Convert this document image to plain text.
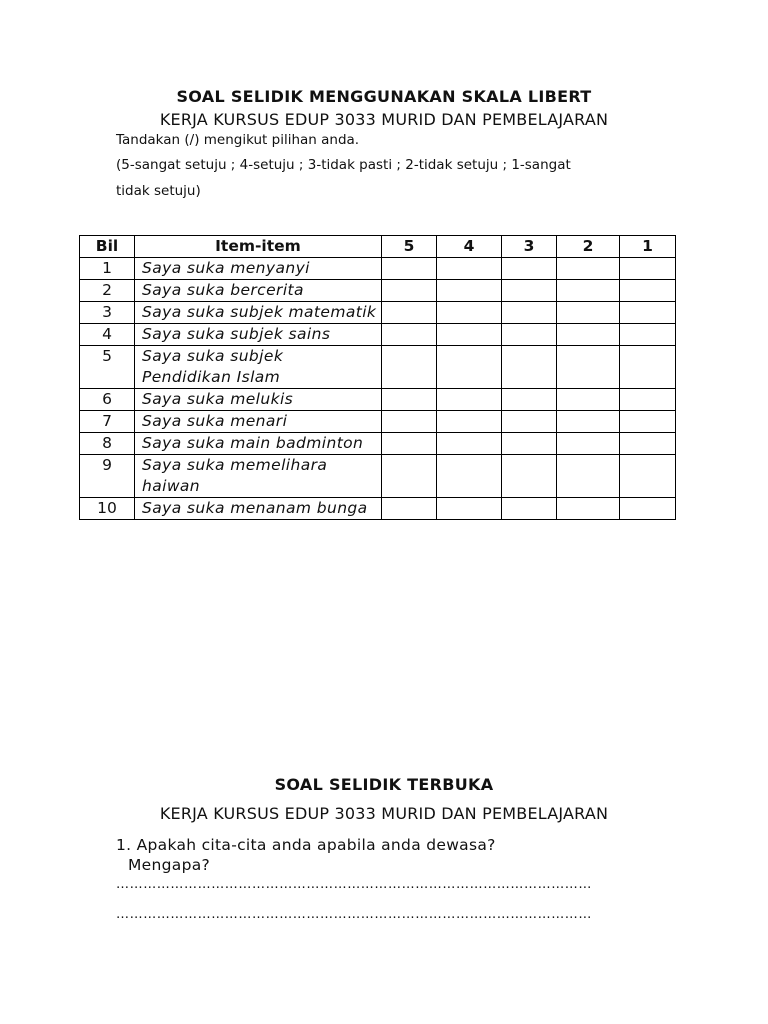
SOAL SELIDIK MENGGUNAKAN SKALA LIBERT
KERJA KURSUS EDUP 3033 MURID DAN PEMBELAJARAN

Tandakan (/) mengikut pilihan anda.

(5-sangat setuju ; 4-setuju ; 3-tidak pasti ; 2-tidak setuju ; 1-sangat

tidak setuju)

Bil	Item-item	5	4	3	2	1
1	Saya suka menyanyi					
2	Saya suka bercerita					
3	Saya suka subjek matematik					
4	Saya suka subjek sains					
5	Saya suka subjek Pendidikan Islam					
6	Saya suka melukis					
7	Saya suka menari					
8	Saya suka main badminton					
9	Saya suka memelihara haiwan					
10	Saya suka menanam bunga					
SOAL SELIDIK TERBUKA
KERJA KURSUS EDUP 3033 MURID DAN PEMBELAJARAN

1. Apakah cita-cita anda apabila anda dewasa?
Mengapa?

……………………………………………………………………………………………

……………………………………………………………………………………………
